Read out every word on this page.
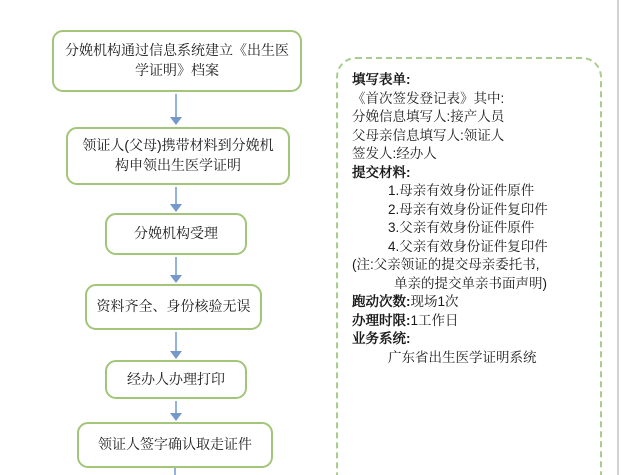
分娩机构通过信息系统建立《出生医学证明》档案
领证人(父母)携带材料到分娩机构申领出生医学证明
分娩机构受理
资料齐全、身份核验无误
经办人办理打印
领证人签字确认取走证件
填写表单:
《首次签发登记表》其中:
分娩信息填写人:接产人员
父母亲信息填写人:领证人
签发人:经办人
提交材料:
1.母亲有效身份证件原件
2.母亲有效身份证件复印件
3.父亲有效身份证件原件
4.父亲有效身份证件复印件
(注:父亲领证的提交母亲委托书,
单亲的提交单亲书面声明)
跑动次数:现场1次
办理时限:1工作日
业务系统:
广东省出生医学证明系统
